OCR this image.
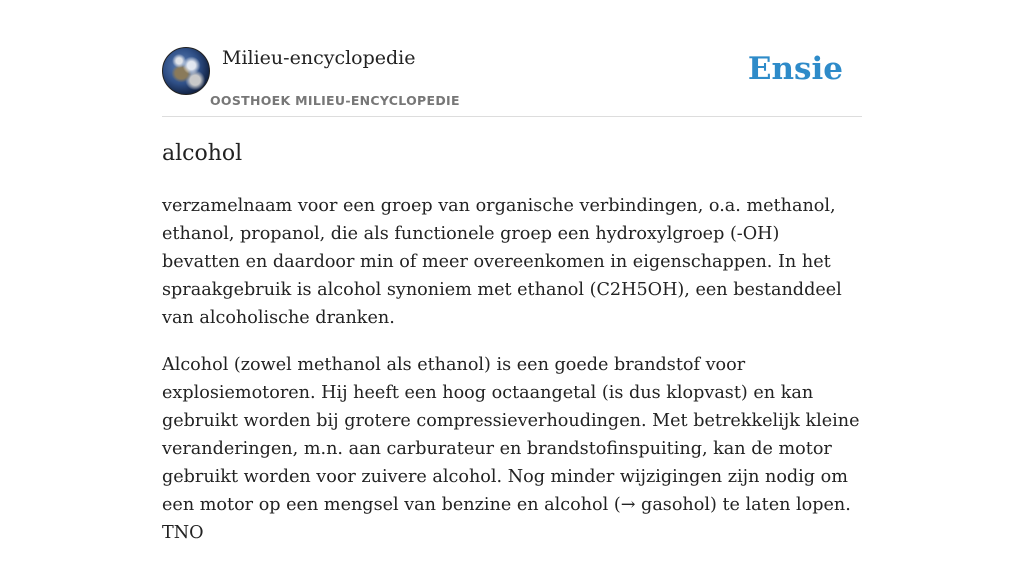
Milieu-encyclopedie
OOSTHOEK MILIEU-ENCYCLOPEDIE
Ensie
alcohol

verzamelnaam voor een groep van organische verbindingen, o.a. methanol, ethanol, propanol, die als functionele groep een hydroxylgroep (-OH) bevatten en daardoor min of meer overeenkomen in eigenschappen. In het spraakgebruik is alcohol synoniem met ethanol (C2H5OH), een bestanddeel van alcoholische dranken.

Alcohol (zowel methanol als ethanol) is een goede brandstof voor explosiemotoren. Hij heeft een hoog octaangetal (is dus klopvast) en kan gebruikt worden bij grotere compressieverhoudingen. Met betrekkelijk kleine veranderingen, m.n. aan carburateur en brandstofinspuiting, kan de motor gebruikt worden voor zuivere alcohol. Nog minder wijzigingen zijn nodig om een motor op een mengsel van benzine en alcohol (→ gasohol) te laten lopen. TNO
